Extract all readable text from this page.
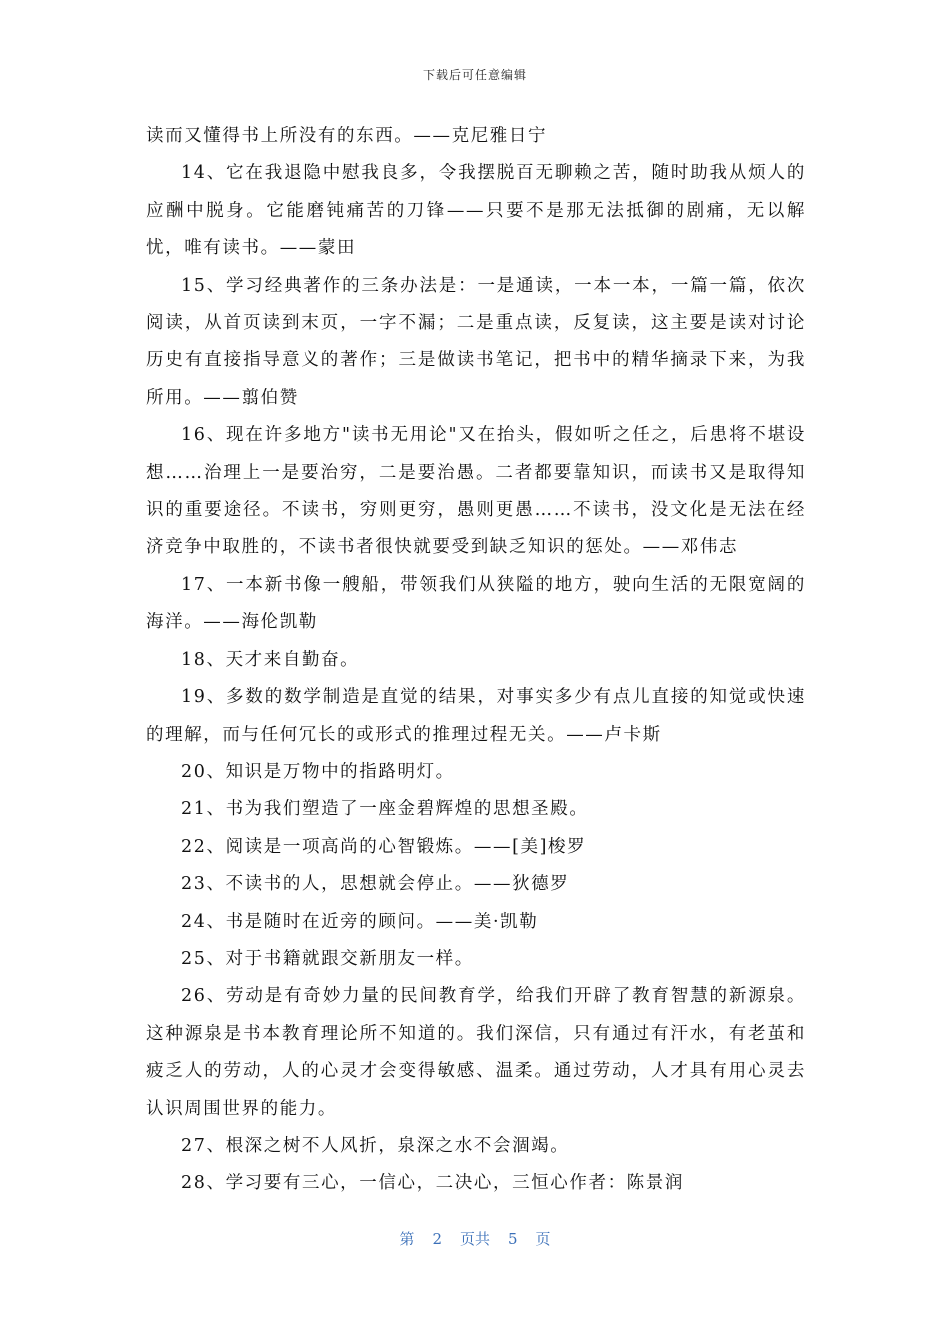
下载后可任意编辑

读而又懂得书上所没有的东西。——克尼雅日宁

14、它在我退隐中慰我良多，令我摆脱百无聊赖之苦，随时助我从烦人的应酬中脱身。它能磨钝痛苦的刀锋——只要不是那无法抵御的剧痛，无以解忧，唯有读书。——蒙田

15、学习经典著作的三条办法是：一是通读，一本一本，一篇一篇，依次阅读，从首页读到末页，一字不漏；二是重点读，反复读，这主要是读对讨论历史有直接指导意义的著作；三是做读书笔记，把书中的精华摘录下来，为我所用。——翦伯赞

16、现在许多地方"读书无用论"又在抬头，假如听之任之，后患将不堪设想……治理上一是要治穷，二是要治愚。二者都要靠知识，而读书又是取得知识的重要途径。不读书，穷则更穷，愚则更愚……不读书，没文化是无法在经济竞争中取胜的，不读书者很快就要受到缺乏知识的惩处。——邓伟志

17、一本新书像一艘船，带领我们从狭隘的地方，驶向生活的无限宽阔的海洋。——海伦凯勒

18、天才来自勤奋。

19、多数的数学制造是直觉的结果，对事实多少有点儿直接的知觉或快速的理解，而与任何冗长的或形式的推理过程无关。——卢卡斯

20、知识是万物中的指路明灯。

21、书为我们塑造了一座金碧辉煌的思想圣殿。

22、阅读是一项高尚的心智锻炼。——[美]梭罗

23、不读书的人，思想就会停止。——狄德罗

24、书是随时在近旁的顾问。——美·凯勒

25、对于书籍就跟交新朋友一样。

26、劳动是有奇妙力量的民间教育学，给我们开辟了教育智慧的新源泉。这种源泉是书本教育理论所不知道的。我们深信，只有通过有汗水，有老茧和疲乏人的劳动，人的心灵才会变得敏感、温柔。通过劳动，人才具有用心灵去认识周围世界的能力。

27、根深之树不人风折，泉深之水不会涸竭。

28、学习要有三心，一信心，二决心，三恒心作者：陈景润

第 2 页共 5 页
